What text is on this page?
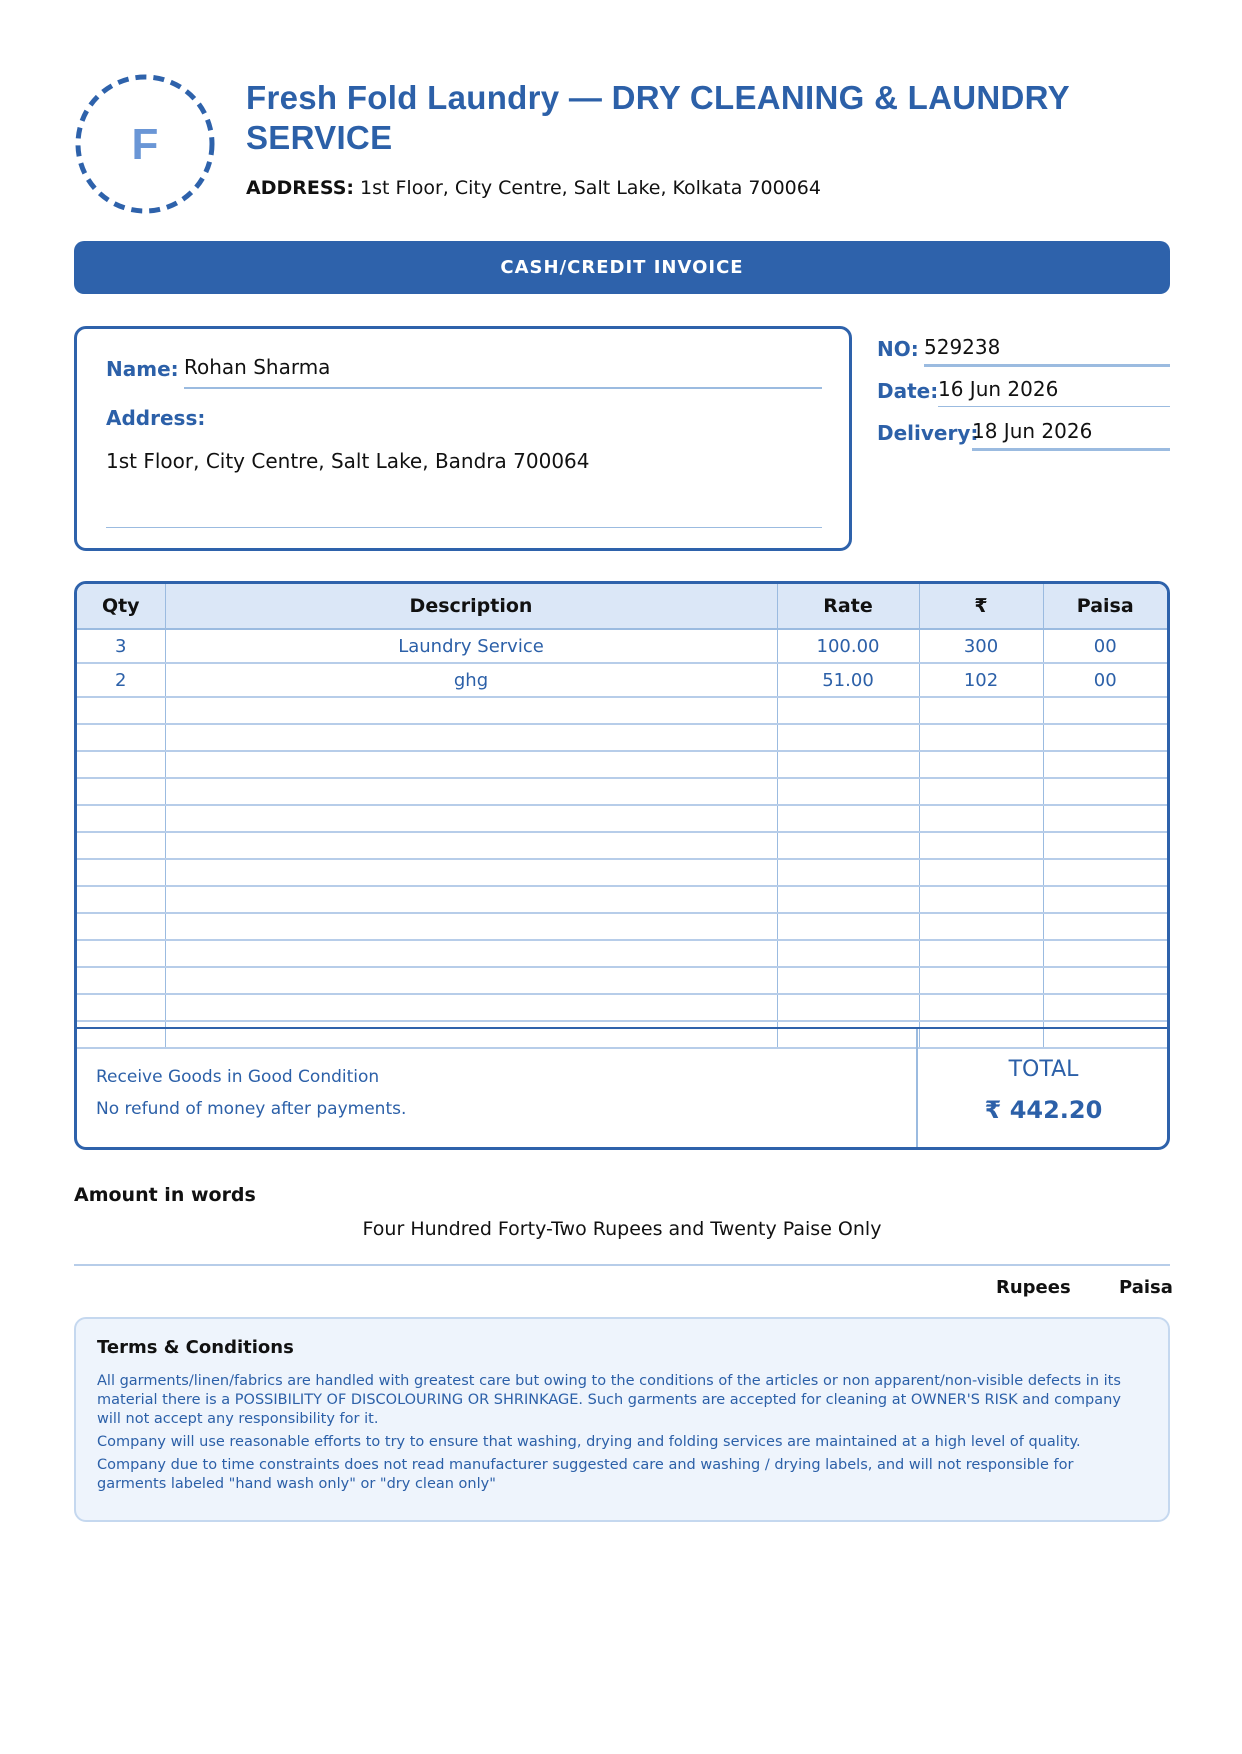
F
Fresh Fold Laundry — DRY CLEANING & LAUNDRY SERVICE
ADDRESS: 1st Floor, City Centre, Salt Lake, Kolkata 700064
CASH/CREDIT INVOICE
Name: Rohan Sharma
Address:
1st Floor, City Centre, Salt Lake, Bandra 700064
NO: 529238
Date: 16 Jun 2026
Delivery:
18 Jun 2026
Qty	Description	Rate	₹	Paisa
3	Laundry Service	100.00	300	00
2	ghg	51.00	102	00

Receive Goods in Good Condition
No refund of money after payments.
TOTAL
₹ 442.20
Amount in words
Four Hundred Forty-Two Rupees and Twenty Paise Only
Rupees	Paisa
Terms & Conditions

All garments/linen/fabrics are handled with greatest care but owing to the conditions of the articles or non apparent/non-visible defects in its material there is a POSSIBILITY OF DISCOLOURING OR SHRINKAGE. Such garments are accepted for cleaning at OWNER'S RISK and company will not accept any responsibility for it.

Company will use reasonable efforts to try to ensure that washing, drying and folding services are maintained at a high level of quality.

Company due to time constraints does not read manufacturer suggested care and washing / drying labels, and will not responsible for garments labeled "hand wash only" or "dry clean only"
